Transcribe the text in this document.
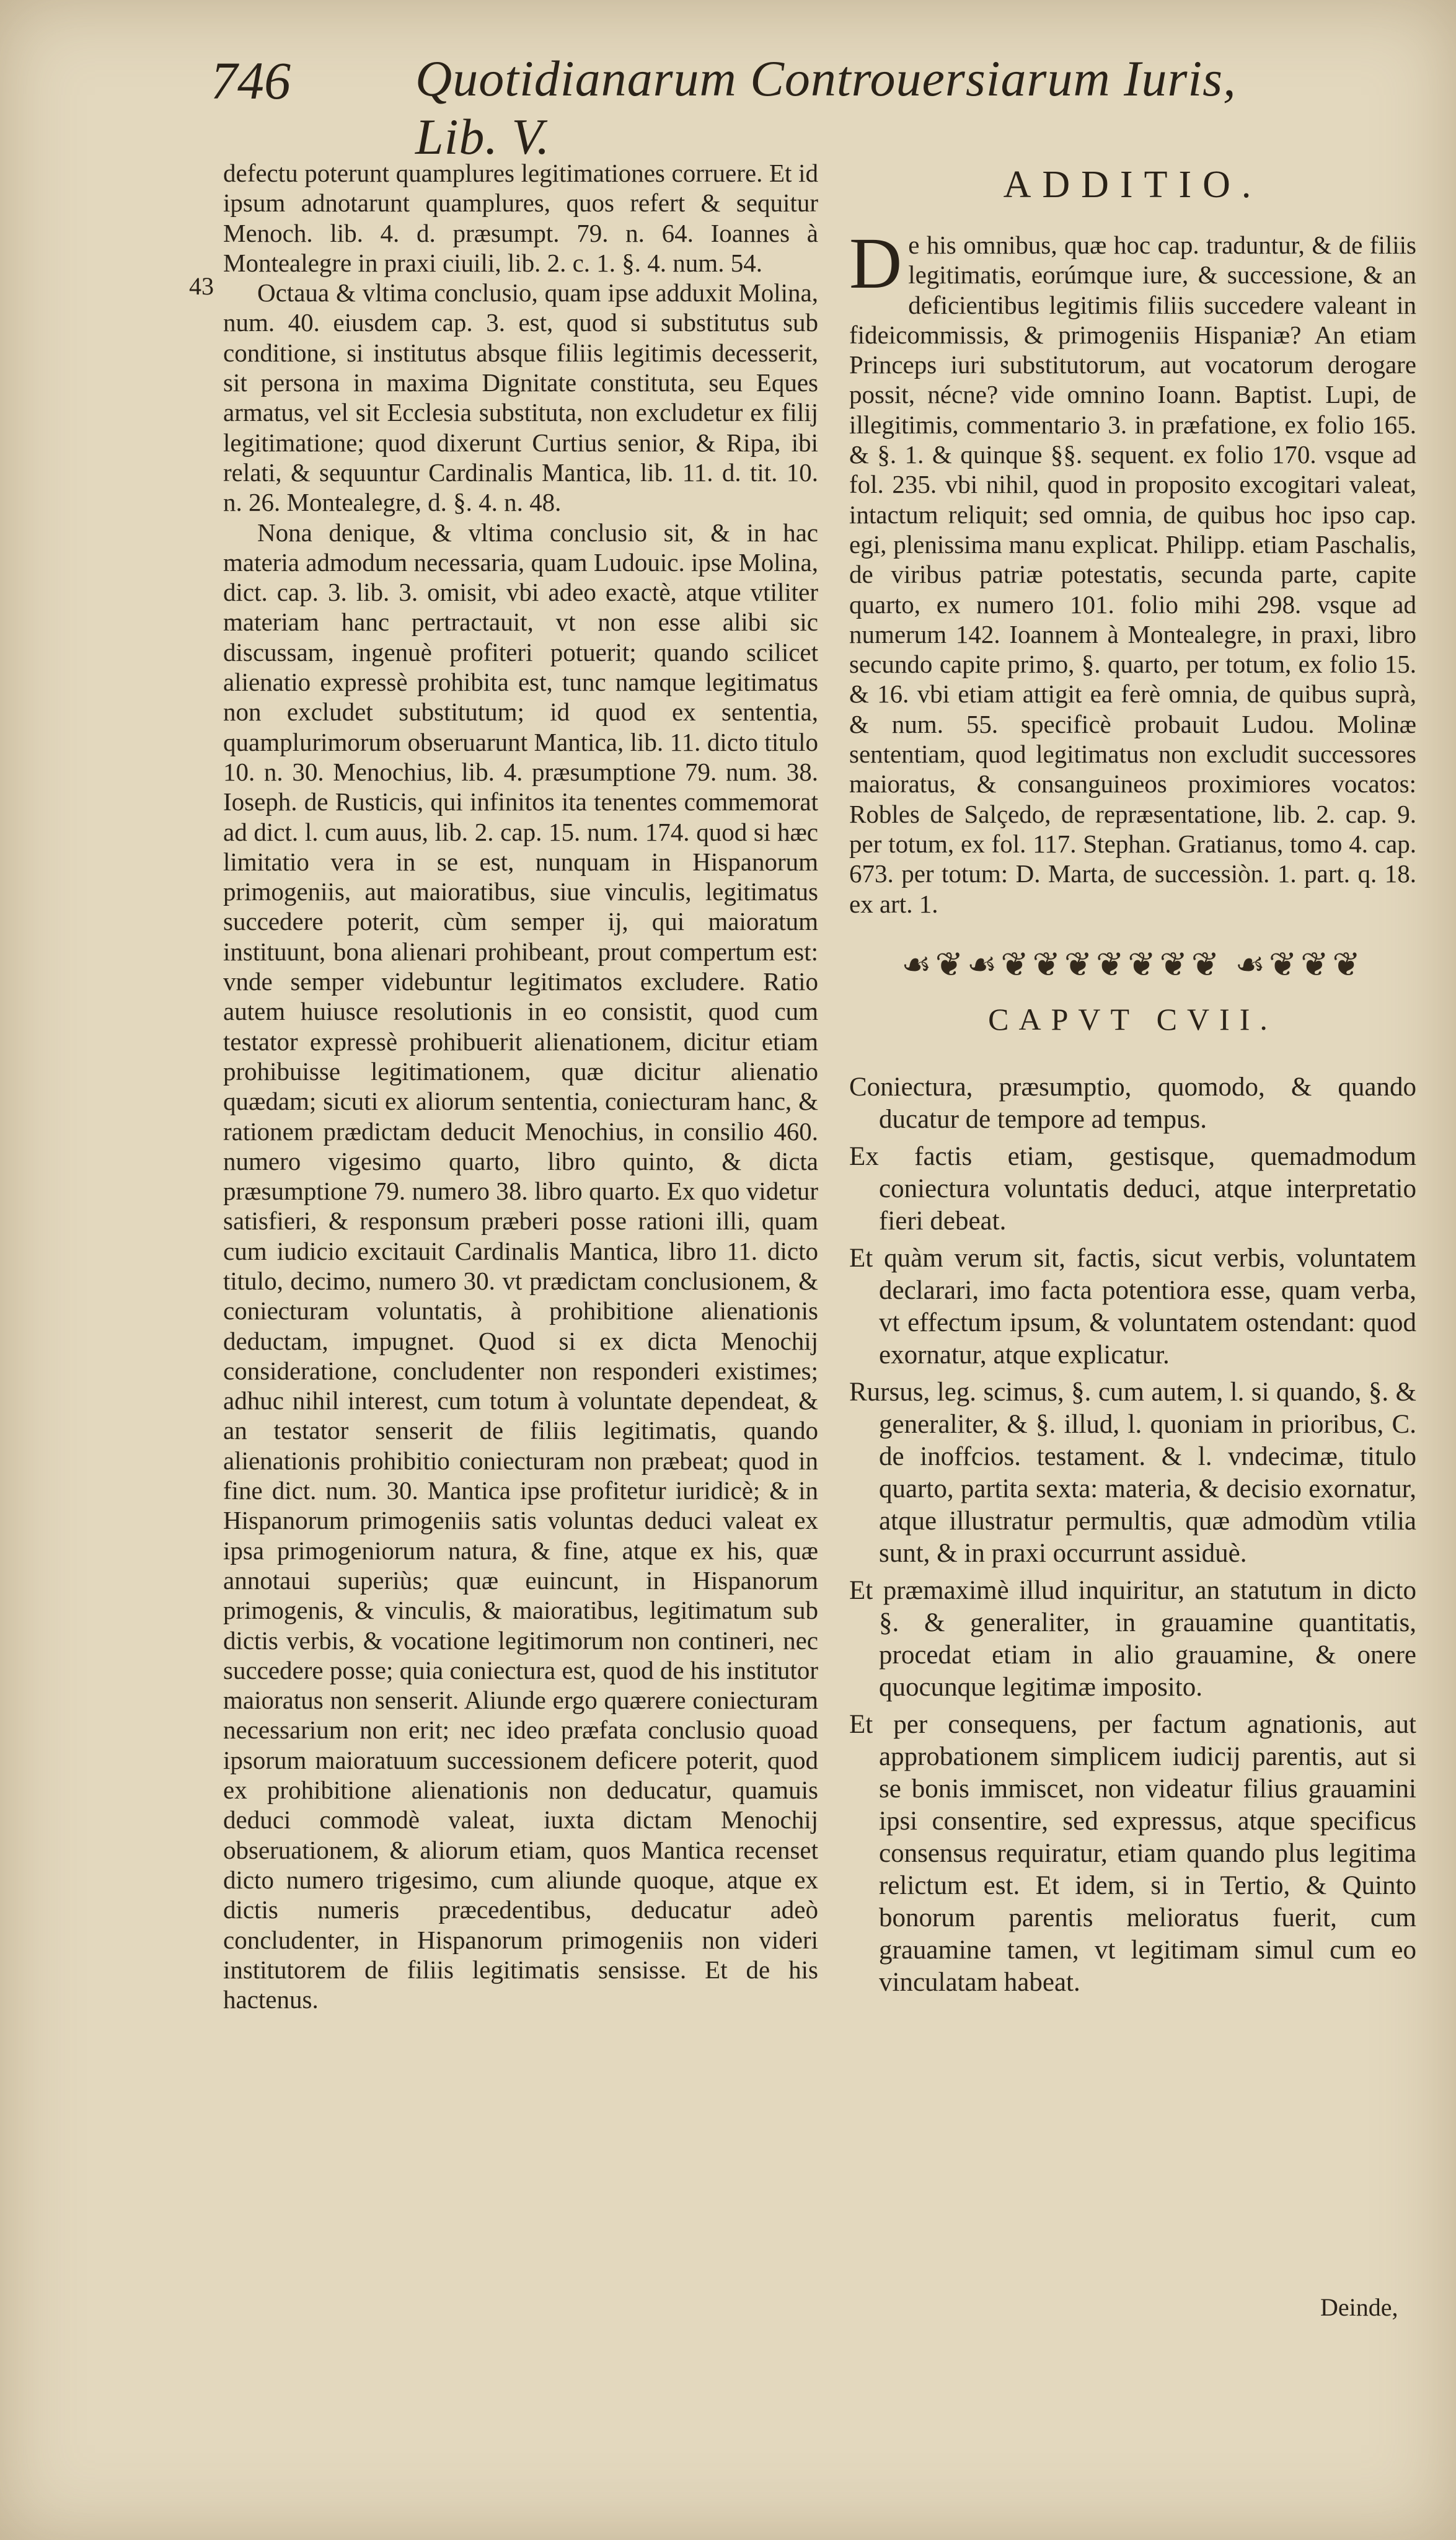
746 Quotidianarum Controuersiarum Iuris, Lib. V.
43

defectu poterunt quamplures legitimationes corruere. Et id ipsum adnotarunt quamplures, quos refert & sequitur Menoch. lib. 4. d. præsumpt. 79. n. 64. Ioannes à Montealegre in praxi ciuili, lib. 2. c. 1. §. 4. num. 54.

Octaua & vltima conclusio, quam ipse adduxit Molina, num. 40. eiusdem cap. 3. est, quod si substitutus sub conditione, si institutus absque filiis legitimis decesserit, sit persona in maxima Dignitate constituta, seu Eques armatus, vel sit Ecclesia substituta, non excludetur ex filij legitimatione; quod dixerunt Curtius senior, & Ripa, ibi relati, & sequuntur Cardinalis Mantica, lib. 11. d. tit. 10. n. 26. Montealegre, d. §. 4. n. 48.

Nona denique, & vltima conclusio sit, & in hac materia admodum necessaria, quam Ludouic. ipse Molina, dict. cap. 3. lib. 3. omisit, vbi adeo exactè, atque vtiliter materiam hanc pertractauit, vt non esse alibi sic discussam, ingenuè profiteri potuerit; quando scilicet alienatio expressè prohibita est, tunc namque legitimatus non excludet substitutum; id quod ex sententia, quamplurimorum obseruarunt Mantica, lib. 11. dicto titulo 10. n. 30. Menochius, lib. 4. præsumptione 79. num. 38. Ioseph. de Rusticis, qui infinitos ita tenentes commemorat ad dict. l. cum auus, lib. 2. cap. 15. num. 174. quod si hæc limitatio vera in se est, nunquam in Hispanorum primogeniis, aut maioratibus, siue vinculis, legitimatus succedere poterit, cùm semper ij, qui maioratum instituunt, bona alienari prohibeant, prout compertum est: vnde semper videbuntur legitimatos excludere. Ratio autem huiusce resolutionis in eo consistit, quod cum testator expressè prohibuerit alienationem, dicitur etiam prohibuisse legitimationem, quæ dicitur alienatio quædam; sicuti ex aliorum sententia, coniecturam hanc, & rationem prædictam deducit Menochius, in consilio 460. numero vigesimo quarto, libro quinto, & dicta præsumptione 79. numero 38. libro quarto. Ex quo videtur satisfieri, & responsum præberi posse rationi illi, quam cum iudicio excitauit Cardinalis Mantica, libro 11. dicto titulo, decimo, numero 30. vt prædictam conclusionem, & coniecturam voluntatis, à prohibitione alienationis deductam, impugnet. Quod si ex dicta Menochij consideratione, concludenter non responderi existimes; adhuc nihil interest, cum totum à voluntate dependeat, & an testator senserit de filiis legitimatis, quando alienationis prohibitio coniecturam non præbeat; quod in fine dict. num. 30. Mantica ipse profitetur iuridicè; & in Hispanorum primogeniis satis voluntas deduci valeat ex ipsa primogeniorum natura, & fine, atque ex his, quæ annotaui superiùs; quæ euincunt, in Hispanorum primogenis, & vinculis, & maioratibus, legitimatum sub dictis verbis, & vocatione legitimorum non contineri, nec succedere posse; quia coniectura est, quod de his institutor maioratus non senserit. Aliunde ergo quærere coniecturam necessarium non erit; nec ideo præfata conclusio quoad ipsorum maioratuum successionem deficere poterit, quod ex prohibitione alienationis non deducatur, quamuis deduci commodè valeat, iuxta dictam Menochij obseruationem, & aliorum etiam, quos Mantica recenset dicto numero trigesimo, cum aliunde quoque, atque ex dictis numeris præcedentibus, deducatur adeò concludenter, in Hispanorum primogeniis non videri institutorem de filiis legitimatis sensisse. Et de his hactenus.

ADDITIO.

De his omnibus, quæ hoc cap. traduntur, & de filiis legitimatis, eorúmque iure, & successione, & an deficientibus legitimis filiis succedere valeant in fideicommissis, & primogeniis Hispaniæ? An etiam Princeps iuri substitutorum, aut vocatorum derogare possit, nécne? vide omnino Ioann. Baptist. Lupi, de illegitimis, commentario 3. in præfatione, ex folio 165. & §. 1. & quinque §§. sequent. ex folio 170. vsque ad fol. 235. vbi nihil, quod in proposito excogitari valeat, intactum reliquit; sed omnia, de quibus hoc ipso cap. egi, plenissima manu explicat. Philipp. etiam Paschalis, de viribus patriæ potestatis, secunda parte, capite quarto, ex numero 101. folio mihi 298. vsque ad numerum 142. Ioannem à Montealegre, in praxi, libro secundo capite primo, §. quarto, per totum, ex folio 15. & 16. vbi etiam attigit ea ferè omnia, de quibus suprà, & num. 55. specificè probauit Ludou. Molinæ sententiam, quod legitimatus non excludit successores maioratus, & consanguineos proximiores vocatos: Robles de Salçedo, de repræsentatione, lib. 2. cap. 9. per totum, ex fol. 117. Stephan. Gratianus, tomo 4. cap. 673. per totum: D. Marta, de successiòn. 1. part. q. 18. ex art. 1.

☙❦☙❦❦❦❦❦❦❦ ☙❦❦❦
CAPVT CVII.

Coniectura, præsumptio, quomodo, & quando ducatur de tempore ad tempus.

Ex factis etiam, gestisque, quemadmodum coniectura voluntatis deduci, atque interpretatio fieri debeat.

Et quàm verum sit, factis, sicut verbis, voluntatem declarari, imo facta potentiora esse, quam verba, vt effectum ipsum, & voluntatem ostendant: quod exornatur, atque explicatur.

Rursus, leg. scimus, §. cum autem, l. si quando, §. & generaliter, & §. illud, l. quoniam in prioribus, C. de inoffcios. testament. & l. vndecimæ, titulo quarto, partita sexta: materia, & decisio exornatur, atque illustratur permultis, quæ admodùm vtilia sunt, & in praxi occurrunt assiduè.

Et præmaximè illud inquiritur, an statutum in dicto §. & generaliter, in grauamine quantitatis, procedat etiam in alio grauamine, & onere quocunque legitimæ imposito.

Et per consequens, per factum agnationis, aut approbationem simplicem iudicij parentis, aut si se bonis immiscet, non videatur filius grauamini ipsi consentire, sed expressus, atque specificus consensus requiratur, etiam quando plus legitima relictum est. Et idem, si in Tertio, & Quinto bonorum parentis melioratus fuerit, cum grauamine tamen, vt legitimam simul cum eo vinculatam habeat.

Deinde,
